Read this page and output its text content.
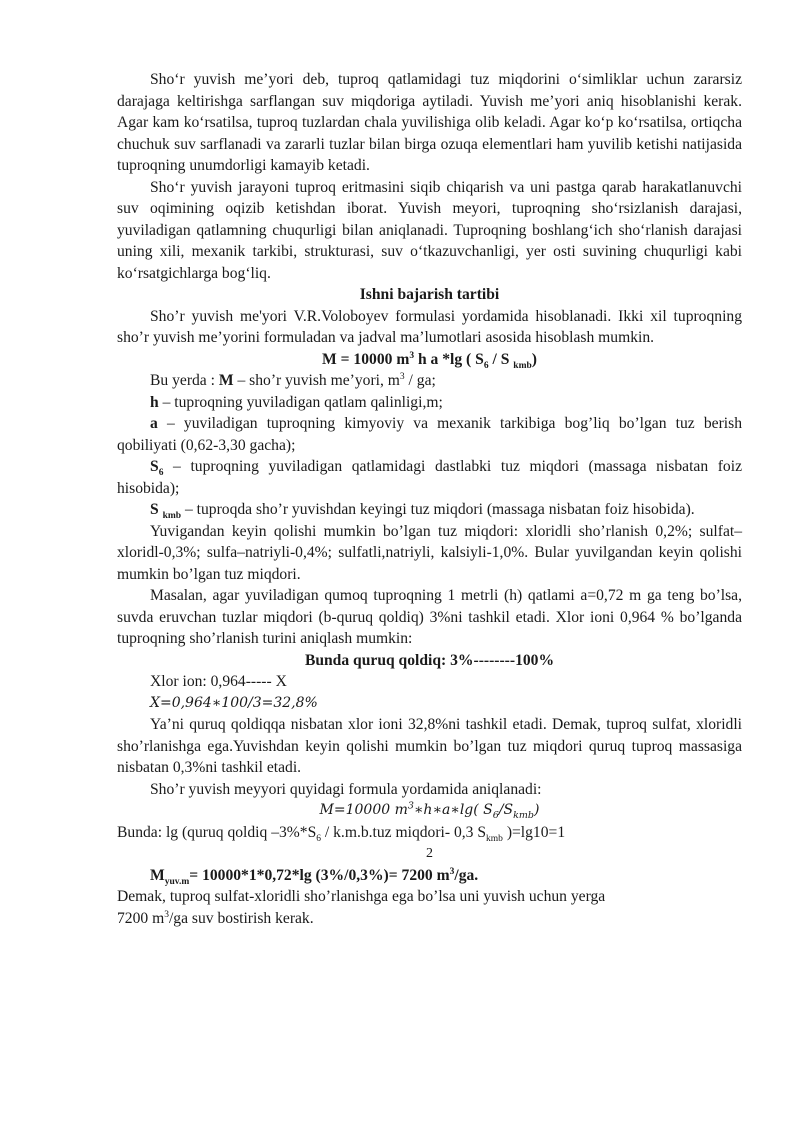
Sho‘r yuvish me’yori deb, tuproq qatlamidagi tuz miqdorini o‘simliklar uchun zararsiz darajaga keltirishga sarflangan suv miqdoriga aytiladi. Yuvish me’yori aniq hisoblanishi kerak. Agar kam ko‘rsatilsa, tuproq tuzlardan chala yuvilishiga olib keladi. Agar ko‘p ko‘rsatilsa, ortiqcha chuchuk suv sarflanadi va zararli tuzlar bilan birga ozuqa elementlari ham yuvilib ketishi natijasida tuproqning unumdorligi kamayib ketadi.

Sho‘r yuvish jarayoni tuproq eritmasini siqib chiqarish va uni pastga qarab harakatlanuvchi suv oqimining oqizib ketishdan iborat. Yuvish meyori, tuproqning sho‘rsizlanish darajasi, yuviladigan qatlamning chuqurligi bilan aniqlanadi. Tuproqning boshlang‘ich sho‘rlanish darajasi uning xili, mexanik tarkibi, strukturasi, suv o‘tkazuvchanligi, yer osti suvining chuqurligi kabi ko‘rsatgichlarga bog‘liq.

Ishni bajarish tartibi

Sho’r yuvish me'yori V.R.Voloboyev formulasi yordamida hisoblanadi. Ikki xil tuproqning sho’r yuvish me’yorini formuladan va jadval ma’lumotlari asosida hisoblash mumkin.

M = 10000 $m^3$ h a *lg ( $S_6$ / S $_{kmb}$)

Bu yerda : M – sho’r yuvish me’yori, $m^3$ / ga;

h – tuproqning yuviladigan qatlam qalinligi,m;

a – yuviladigan tuproqning kimyoviy va mexanik tarkibiga bog’liq bo’lgan tuz berish qobiliyati (0,62-3,30 gacha);

$S_6$ – tuproqning yuviladigan qatlamidagi dastlabki tuz miqdori (massaga nisbatan foiz hisobida);

S $_{kmb}$ – tuproqda sho’r yuvishdan keyingi tuz miqdori (massaga nisbatan foiz hisobida).

Yuvigandan keyin qolishi mumkin bo’lgan tuz miqdori: xloridli sho’rlanish 0,2%; sulfat–xloridl-0,3%; sulfa–natriyli-0,4%; sulfatli,natriyli, kalsiyli-1,0%. Bular yuvilgandan keyin qolishi mumkin bo’lgan tuz miqdori.

Masalan, agar yuviladigan qumoq tuproqning 1 metrli (h) qatlami a=0,72 m ga teng bo’lsa, suvda eruvchan tuzlar miqdori (b-quruq qoldiq) 3%ni tashkil etadi. Xlor ioni 0,964 % bo’lganda tuproqning sho’rlanish turini aniqlash mumkin:

Bunda quruq qoldiq: 3%--------100%

Xlor ion: 0,964----- X

X=0,964∗100/3=32,8%

Ya’ni quruq qoldiqqa nisbatan xlor ioni 32,8%ni tashkil etadi. Demak, tuproq sulfat, xloridli sho’rlanishga ega.Yuvishdan keyin qolishi mumkin bo’lgan tuz miqdori quruq tuproq massasiga nisbatan 0,3%ni tashkil etadi.

Sho’r yuvish meyyori quyidagi formula yordamida aniqlanadi:

M=10000 $m^3∗h∗a∗\lg$( $S_6/S_{kmb}$)

Bunda: lg (quruq qoldiq $-3\%*S_6 / k.m.b.tuz$ miqdori- 0,3 $S_{kmb}$ )=lg10=1

2

$M_{yuv.m}= 10000*1*0,72*\lg$ (3%/0,3%)= 7200 $m^3/ga$.

Demak, tuproq sulfat-xloridli sho’rlanishga ega bo’lsa uni yuvish uchun yerga

7200 $m^3/ga$ suv bostirish kerak.
